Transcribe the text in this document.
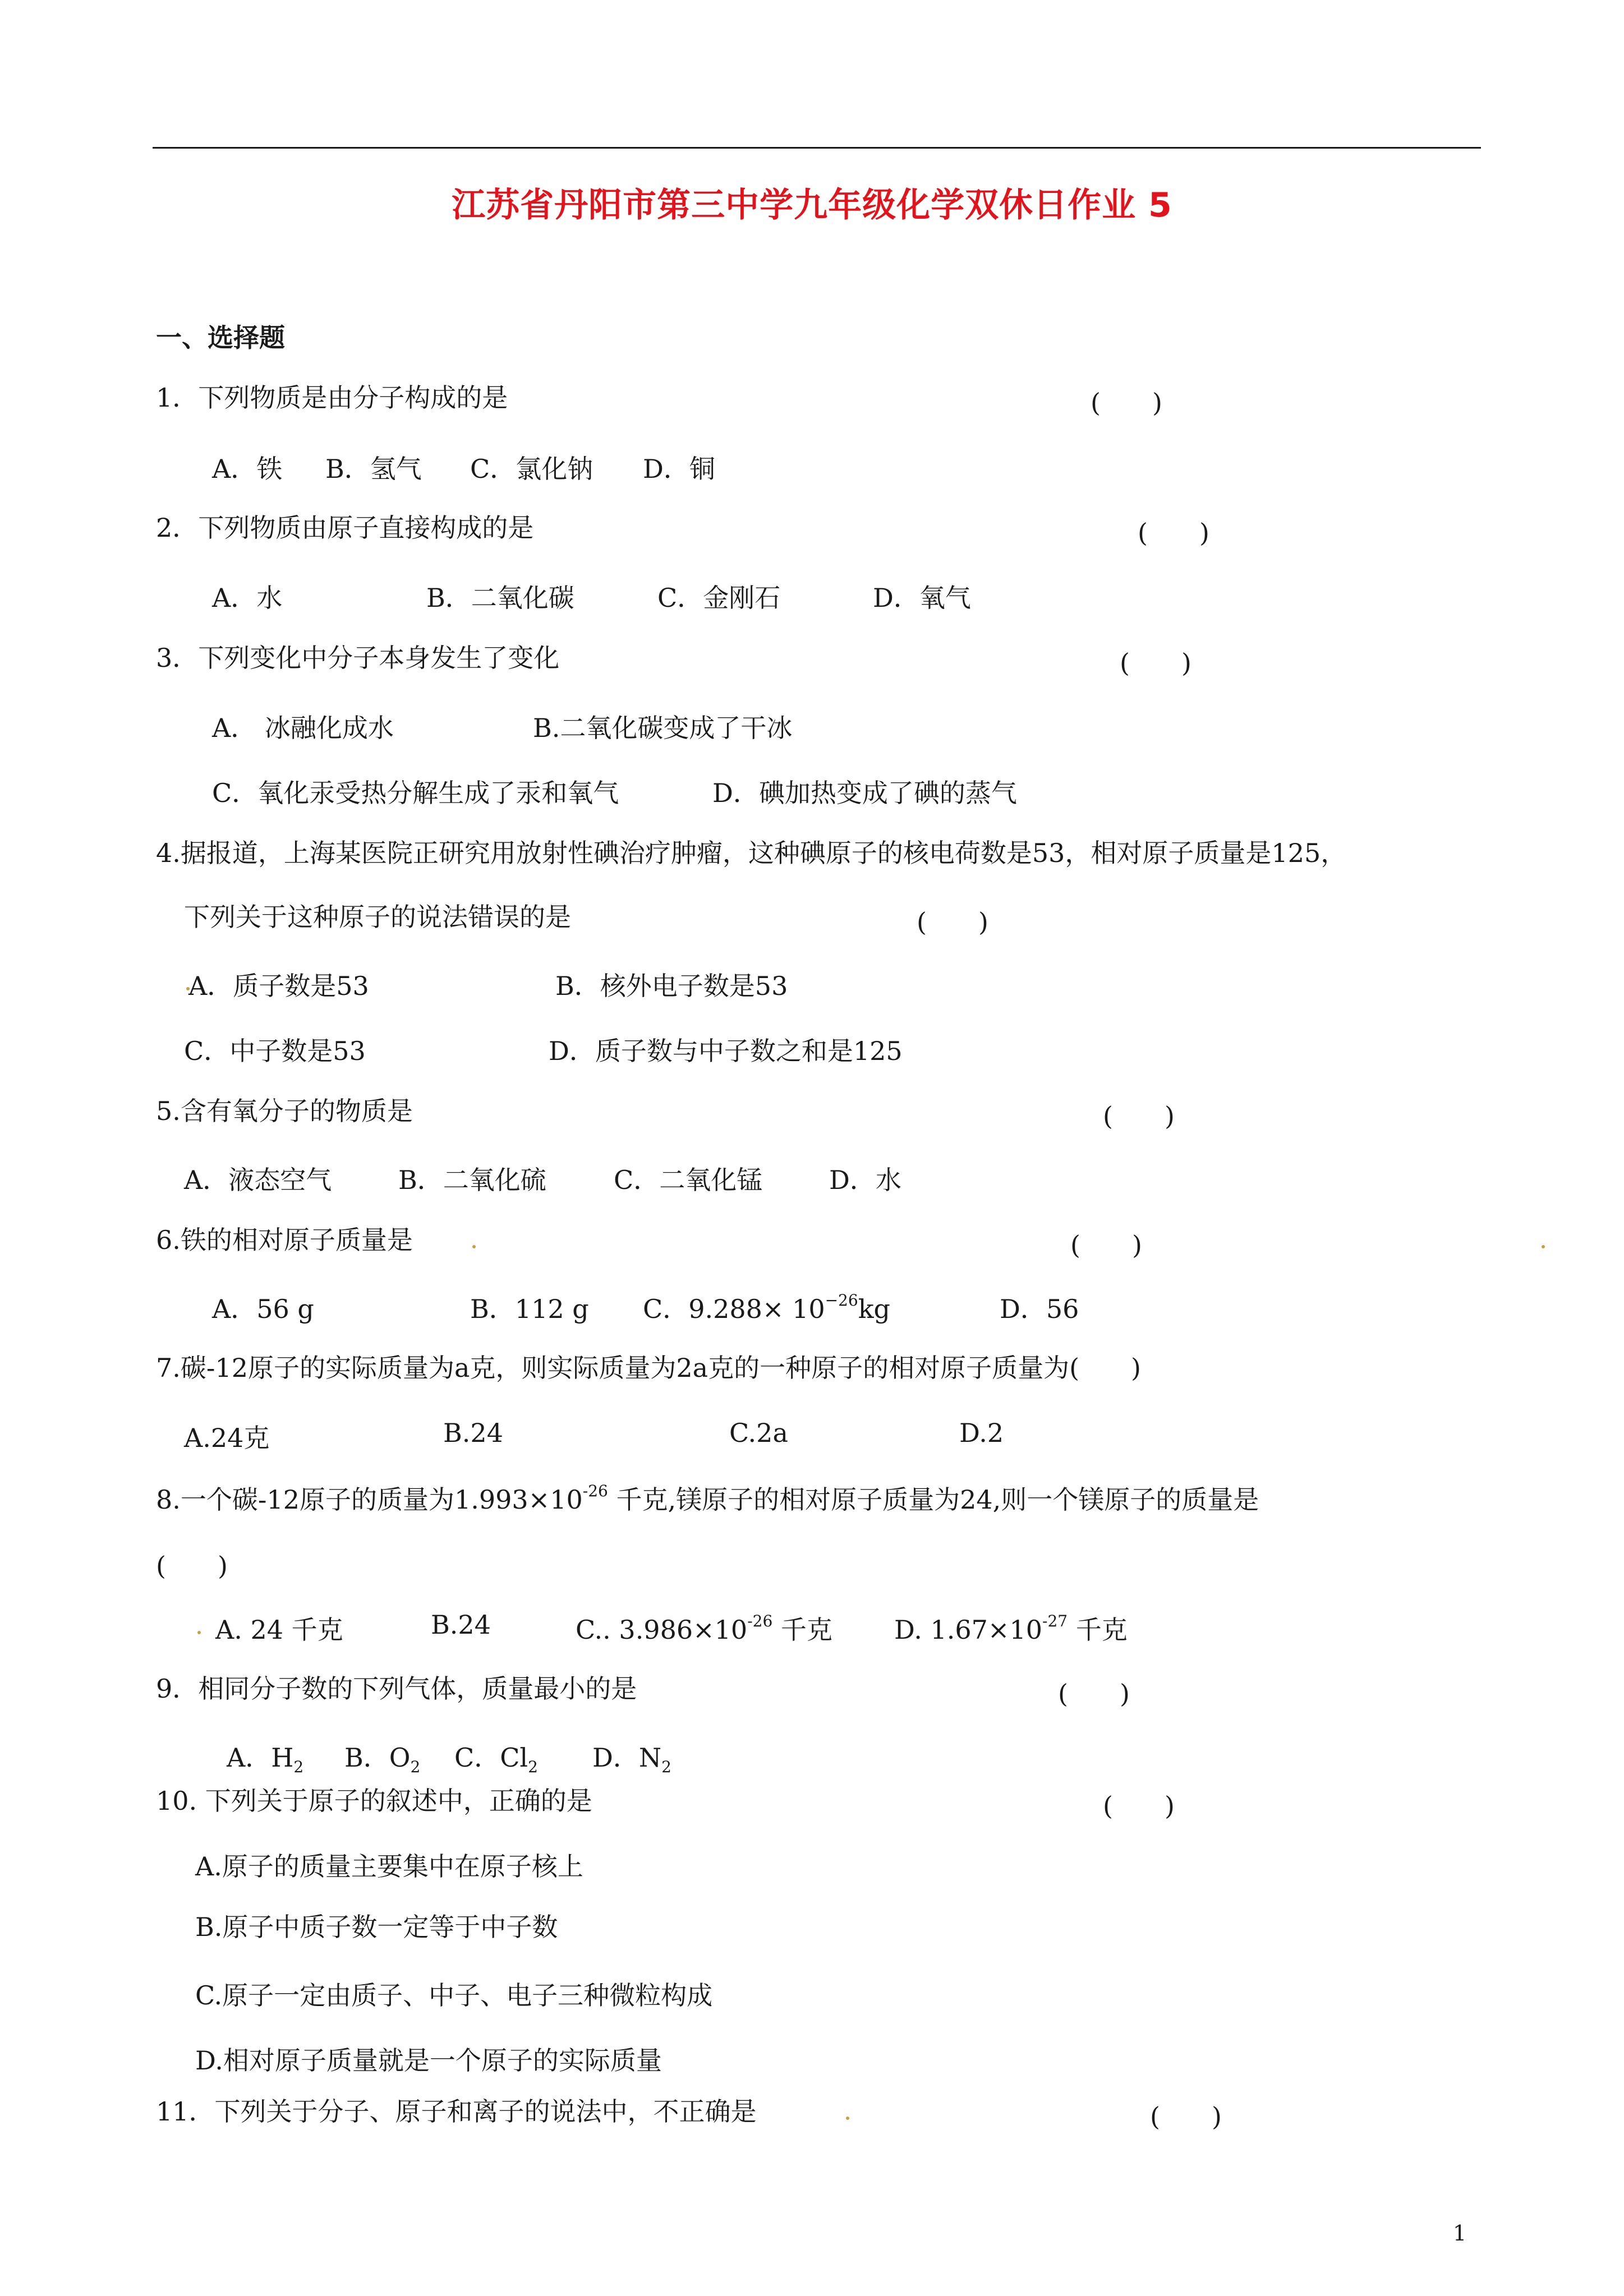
江苏省丹阳市第三中学九年级化学双休日作业 5
一、选择题
1．下列物质是由分子构成的是	(　　)
A．铁 B．氢气 C．氯化钠 D．铜
2．下列物质由原子直接构成的是	(　　)
A．水	B．二氧化碳	C．金刚石	D．氧气
3．下列变化中分子本身发生了变化	(　　)
A． 冰融化成水	B.二氧化碳变成了干冰
C．氧化汞受热分解生成了汞和氧气	D．碘加热变成了碘的蒸气
4.据报道，上海某医院正研究用放射性碘治疗肿瘤，这种碘原子的核电荷数是53，相对原子质量是125，
下列关于这种原子的说法错误的是	(　　)
A．质子数是53	B．核外电子数是53
C．中子数是53	D．质子数与中子数之和是125
5.含有氧分子的物质是	(　　)
A．液态空气	B．二氧化硫	C．二氧化锰	D．水
6.铁的相对原子质量是	(　　)
A．56 g	B．112 g C．$9.288\times 10^{-26}kg$	D．56
7.碳-12原子的实际质量为a克，则实际质量为2a克的一种原子的相对原子质量为(　　)
A.24克	B.24	C.2a	D.2
8.一个碳-12原子的质量为$1.993\times 10^{-26}$ 千克,镁原子的相对原子质量为24,则一个镁原子的质量是
(　　)
A. 24 千克	B.24	C.. $3.986\times 10^{-26}$ 千克 D. $1.67\times 10^{-27}$ 千克
9．相同分子数的下列气体，质量最小的是	(　　)
A．$H_2$ B．$O_2$ C．$Cl_2$ D．$N_2$
10. 下列关于原子的叙述中，正确的是	(　　)
A.原子的质量主要集中在原子核上
B.原子中质子数一定等于中子数
C.原子一定由质子、中子、电子三种微粒构成
D.相对原子质量就是一个原子的实际质量
11．下列关于分子、原子和离子的说法中，不正确是	(　　)
1
